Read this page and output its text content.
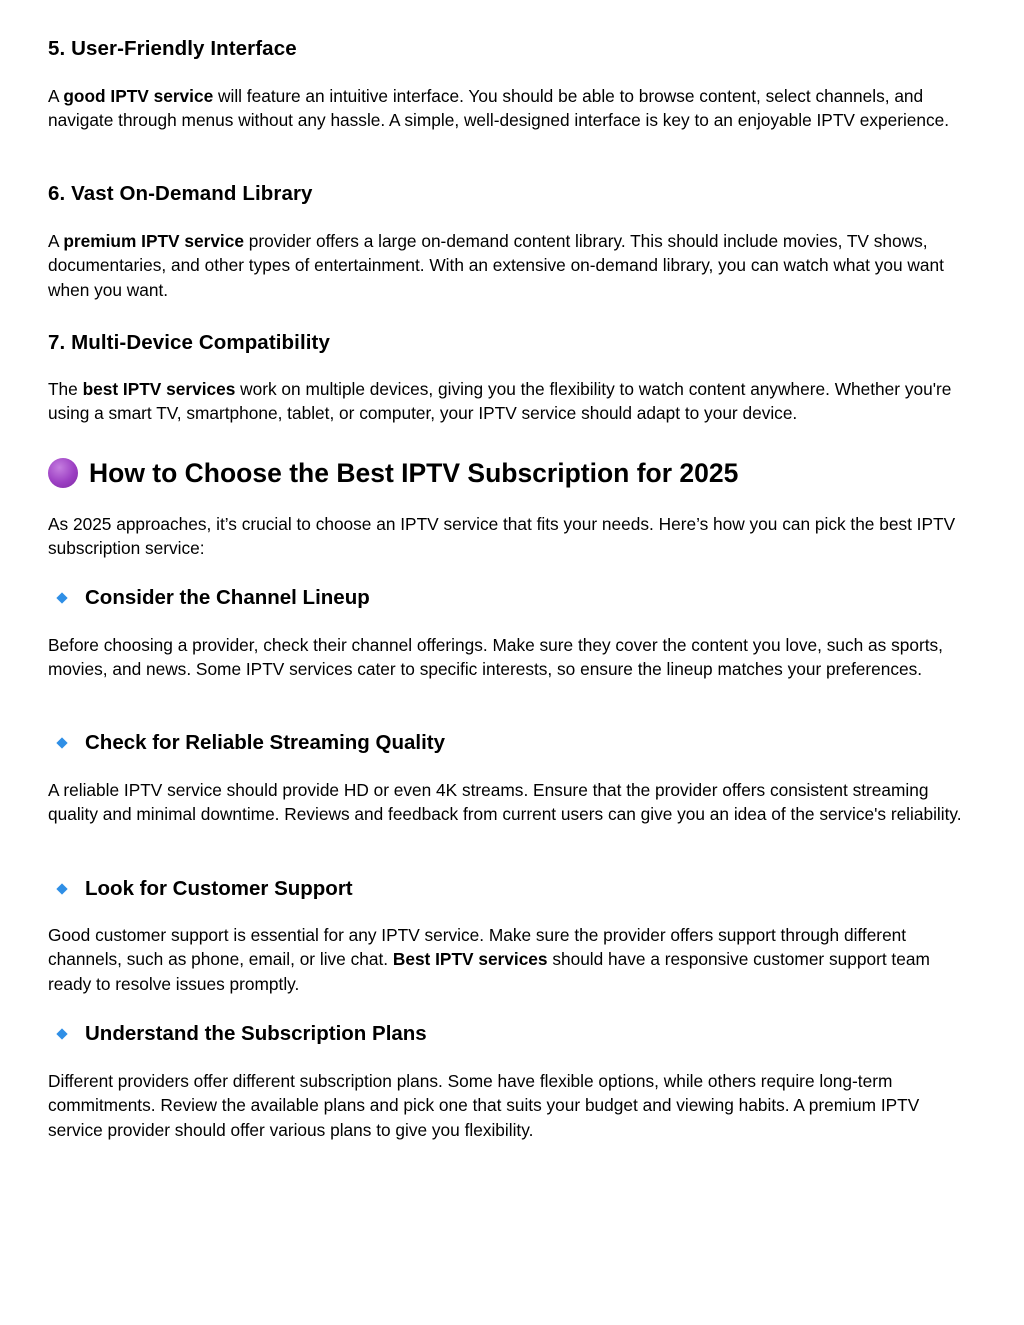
5. User-Friendly Interface

A good IPTV service will feature an intuitive interface. You should be able to browse content, select channels, and navigate through menus without any hassle. A simple, well-designed interface is key to an enjoyable IPTV experience.

6. Vast On-Demand Library

A premium IPTV service provider offers a large on-demand content library. This should include movies, TV shows, documentaries, and other types of entertainment. With an extensive on-demand library, you can watch what you want when you want.

7. Multi-Device Compatibility

The best IPTV services work on multiple devices, giving you the flexibility to watch content anywhere. Whether you're using a smart TV, smartphone, tablet, or computer, your IPTV service should adapt to your device.

How to Choose the Best IPTV Subscription for 2025

As 2025 approaches, it’s crucial to choose an IPTV service that fits your needs. Here’s how you can pick the best IPTV subscription service:

Consider the Channel Lineup

Before choosing a provider, check their channel offerings. Make sure they cover the content you love, such as sports, movies, and news. Some IPTV services cater to specific interests, so ensure the lineup matches your preferences.

Check for Reliable Streaming Quality

A reliable IPTV service should provide HD or even 4K streams. Ensure that the provider offers consistent streaming quality and minimal downtime. Reviews and feedback from current users can give you an idea of the service's reliability.

Look for Customer Support

Good customer support is essential for any IPTV service. Make sure the provider offers support through different channels, such as phone, email, or live chat. Best IPTV services should have a responsive customer support team ready to resolve issues promptly.

Understand the Subscription Plans

Different providers offer different subscription plans. Some have flexible options, while others require long-term commitments. Review the available plans and pick one that suits your budget and viewing habits. A premium IPTV service provider should offer various plans to give you flexibility.
